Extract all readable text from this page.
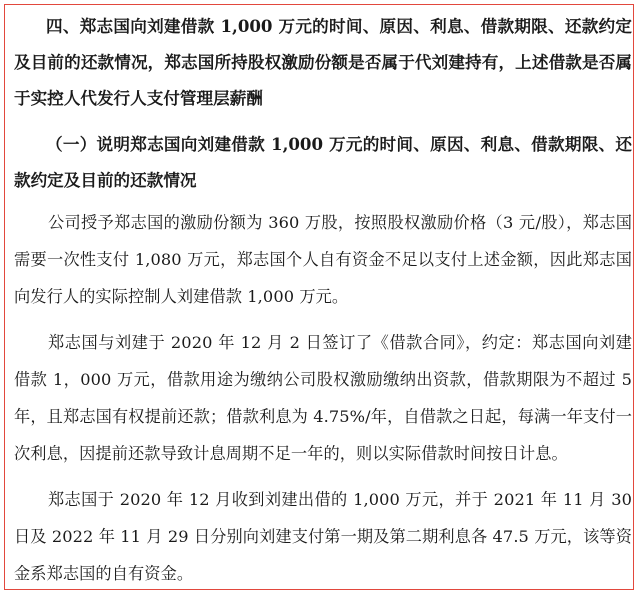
四、郑志国向刘建借款 1,000 万元的时间、原因、利息、借款期限、还款约定及目前的还款情况，郑志国所持股权激励份额是否属于代刘建持有，上述借款是否属于实控人代发行人支付管理层薪酬

（一）说明郑志国向刘建借款 1,000 万元的时间、原因、利息、借款期限、还款约定及目前的还款情况

公司授予郑志国的激励份额为 360 万股，按照股权激励价格（3 元/股），郑志国需要一次性支付 1,080 万元，郑志国个人自有资金不足以支付上述金额，因此郑志国向发行人的实际控制人刘建借款 1,000 万元。

郑志国与刘建于 2020 年 12 月 2 日签订了《借款合同》，约定：郑志国向刘建借款 1，000 万元，借款用途为缴纳公司股权激励缴纳出资款，借款期限为不超过 5 年，且郑志国有权提前还款；借款利息为 4.75%/年，自借款之日起，每满一年支付一次利息，因提前还款导致计息周期不足一年的，则以实际借款时间按日计息。

郑志国于 2020 年 12 月收到刘建出借的 1,000 万元，并于 2021 年 11 月 30 日及 2022 年 11 月 29 日分别向刘建支付第一期及第二期利息各 47.5 万元，该等资金系郑志国的自有资金。
